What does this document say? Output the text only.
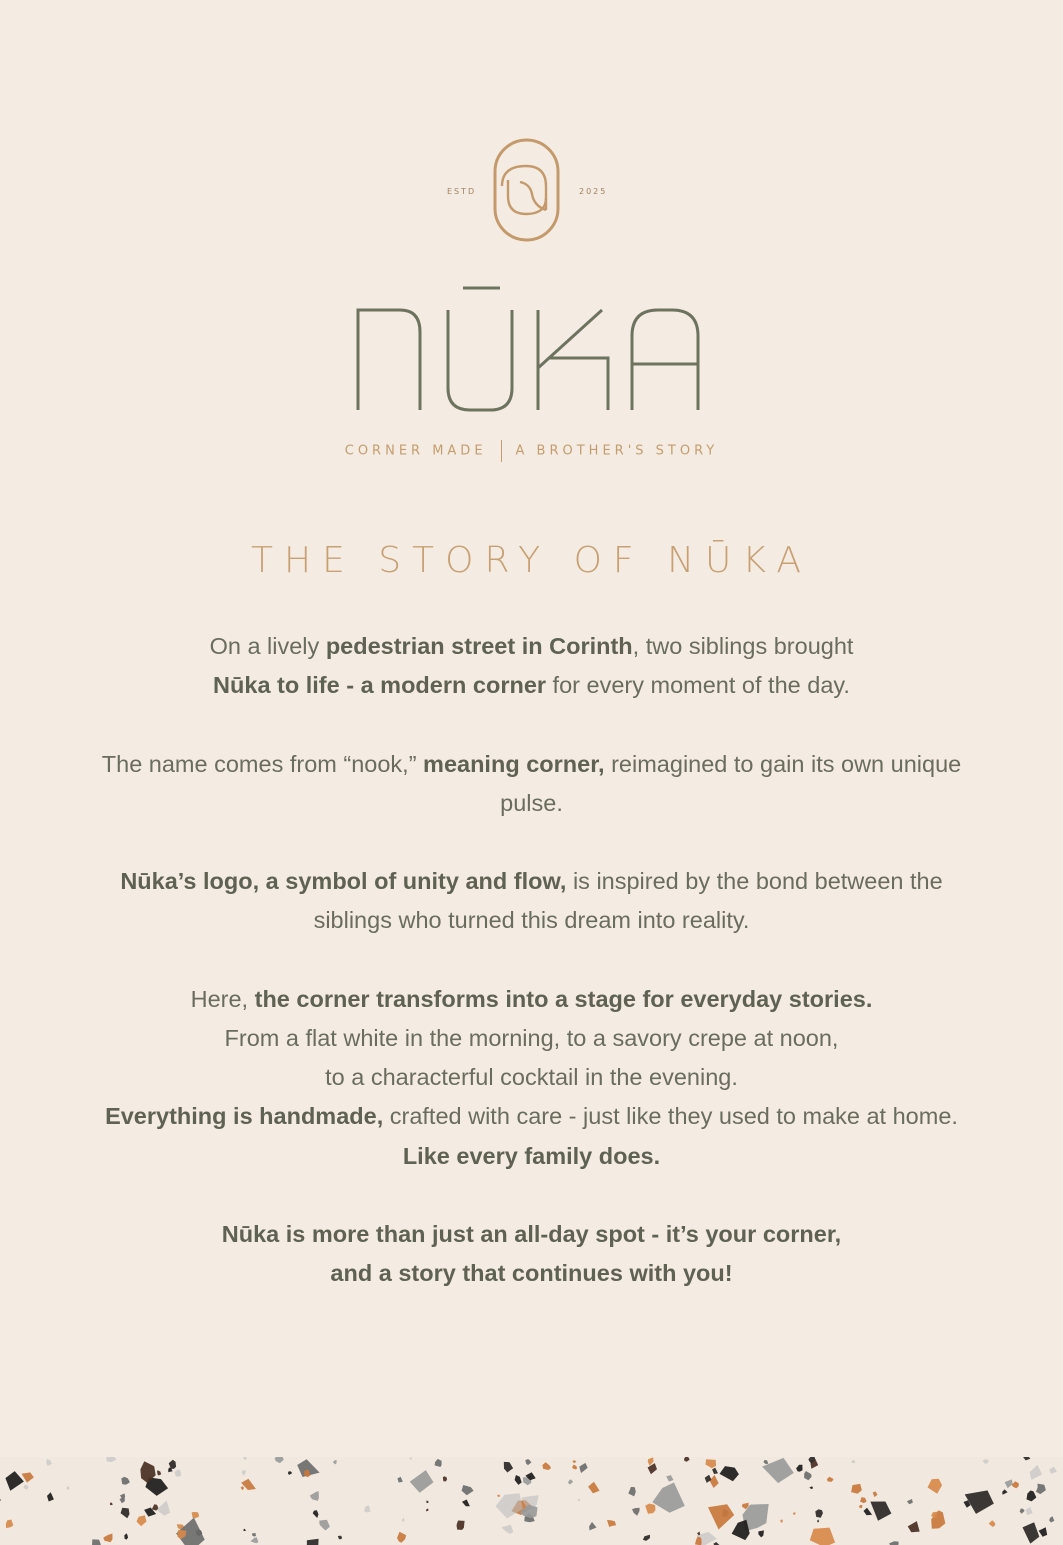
ESTD	2025
CORNER MADE A BROTHER'S STORY
THE STORY OF NŪKA

On a lively pedestrian street in Corinth, two siblings brought
Nūka to life - a modern corner for every moment of the day.

The name comes from “nook,” meaning corner, reimagined to gain its own unique pulse.

Nūka’s logo, a symbol of unity and flow, is inspired by the bond between the siblings who turned this dream into reality.

Here, the corner transforms into a stage for everyday stories.
From a flat white in the morning, to a savory crepe at noon,
to a characterful cocktail in the evening.
Everything is handmade, crafted with care - just like they used to make at home. Like every family does.

Nūka is more than just an all-day spot - it’s your corner,
and a story that continues with you!
